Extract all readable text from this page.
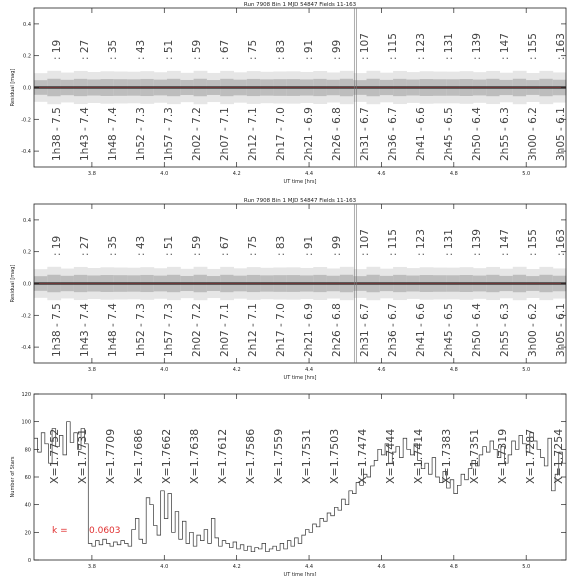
Run 7908 Bin 1 MJD 54847 Fields 11-163
3.8	4.0	4.2	4.4	4.6	4.8	5.0
0.4
0.2
0.0
-0.2
-0.4
UT time [hrs]
Residual [mag]
: 19 : 27 : 35 : 43 : 51 : 59 : 67 : 75 : 83 : 91 : 99 : 107 : 115 : 123 : 131 : 139 : 147 : 155 : 163
1h38 - 7.5 1h43 - 7.4 1h48 - 7.4 1h52 - 7.3 1h57 - 7.3 2h02 - 7.2 2h07 - 7.1 2h12 - 7.1 2h17 - 7.0 2h21 - 6.9 2h26 - 6.8 2h31 - 6.7 2h36 - 6.7 2h41 - 6.6 2h45 - 6.5 2h50 - 6.4 2h55 - 6.3 3h00 - 6.2 3h05 - 6.1
Run 7908 Bin 1 MJD 54847 Fields 11-163
3.8	4.0	4.2	4.4	4.6	4.8	5.0
0.4
0.2
0.0
-0.2
-0.4
UT time [hrs]
Residual [mag]
: 19 : 27 : 35 : 43 : 51 : 59 : 67 : 75 : 83 : 91 : 99 : 107 : 115 : 123 : 131 : 139 : 147 : 155 : 163
1h38 - 7.5 1h43 - 7.4 1h48 - 7.4 1h52 - 7.3 1h57 - 7.3 2h02 - 7.2 2h07 - 7.1 2h12 - 7.1 2h17 - 7.0 2h21 - 6.9 2h26 - 6.8 2h31 - 6.7 2h36 - 6.7 2h41 - 6.6 2h45 - 6.5 2h50 - 6.4 2h55 - 6.3 3h00 - 6.2 3h05 - 6.1
3.8	4.0	4.2	4.4	4.6	4.8	5.0
0
20
40
60
80
100
120
UT time [hrs]
Number of Stars	X=1.7752 X=1.7731 X=1.7709 X=1.7686 X=1.7662 X=1.7638 X=1.7612 X=1.7586 X=1.7559 X=1.7531 X=1.7503 X=1.7474 X=1.7444 X=1.7414 X=1.7383 X=1.7351 X=1.7319 X=1.7287 X=1.7254
k = 0.0603
